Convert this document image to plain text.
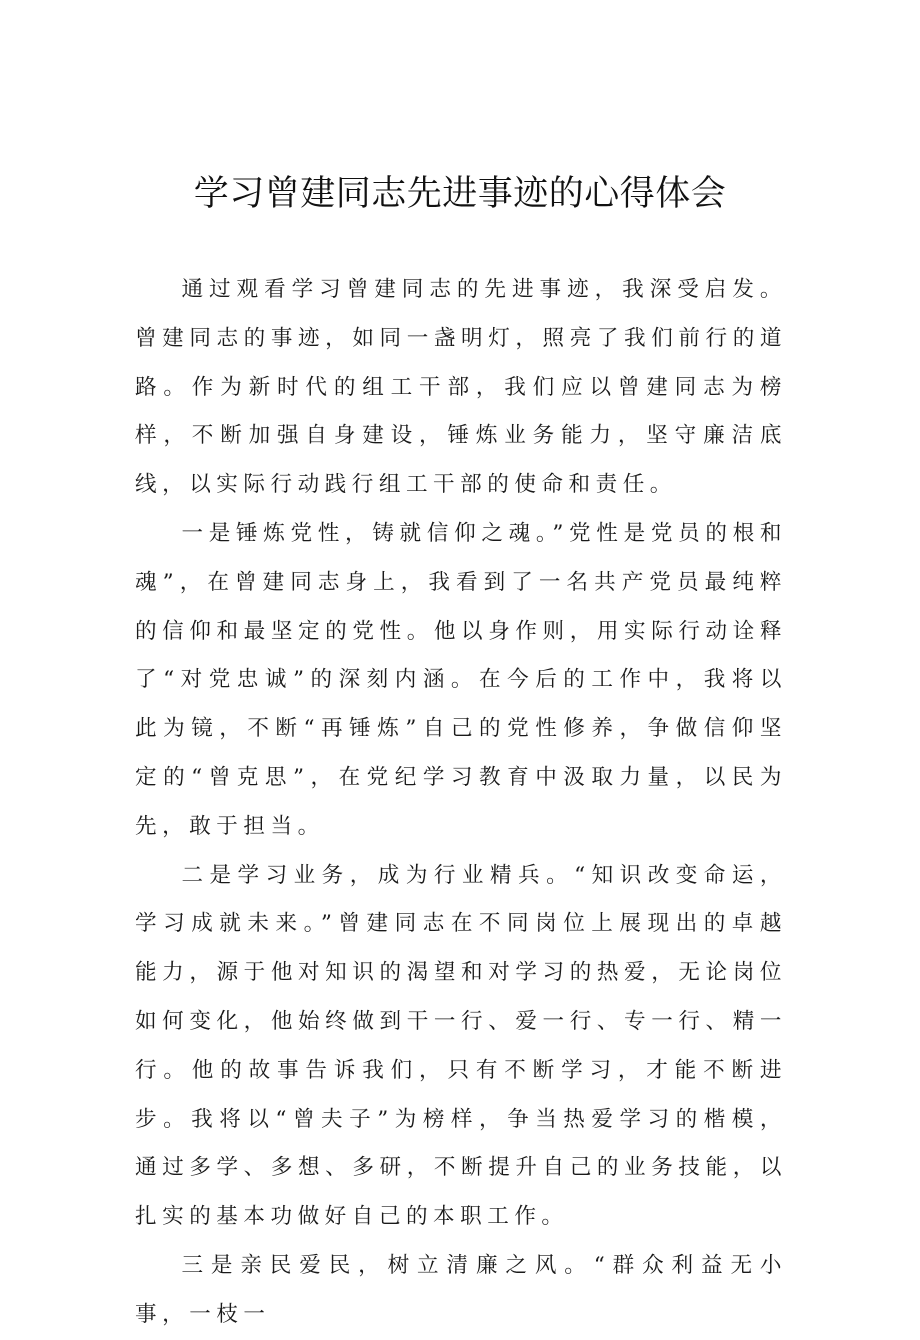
学习曾建同志先进事迹的心得体会

通过观看学习曾建同志的先进事迹，我深受启发。曾建同志的事迹，如同一盏明灯，照亮了我们前行的道路。作为新时代的组工干部，我们应以曾建同志为榜样，不断加强自身建设，锤炼业务能力，坚守廉洁底线，以实际行动践行组工干部的使命和责任。

一是锤炼党性，铸就信仰之魂。”党性是党员的根和魂”，在曾建同志身上，我看到了一名共产党员最纯粹的信仰和最坚定的党性。他以身作则，用实际行动诠释了“对党忠诚”的深刻内涵。在今后的工作中，我将以此为镜，不断“再锤炼”自己的党性修养，争做信仰坚定的“曾克思”，在党纪学习教育中汲取力量，以民为先，敢于担当。

二是学习业务，成为行业精兵。“知识改变命运，学习成就未来。”曾建同志在不同岗位上展现出的卓越能力，源于他对知识的渴望和对学习的热爱，无论岗位如何变化，他始终做到干一行、爱一行、专一行、精一行。他的故事告诉我们，只有不断学习，才能不断进步。我将以“曾夫子”为榜样，争当热爱学习的楷模，通过多学、多想、多研，不断提升自己的业务技能，以扎实的基本功做好自己的本职工作。

三是亲民爱民，树立清廉之风。“群众利益无小事，一枝一
